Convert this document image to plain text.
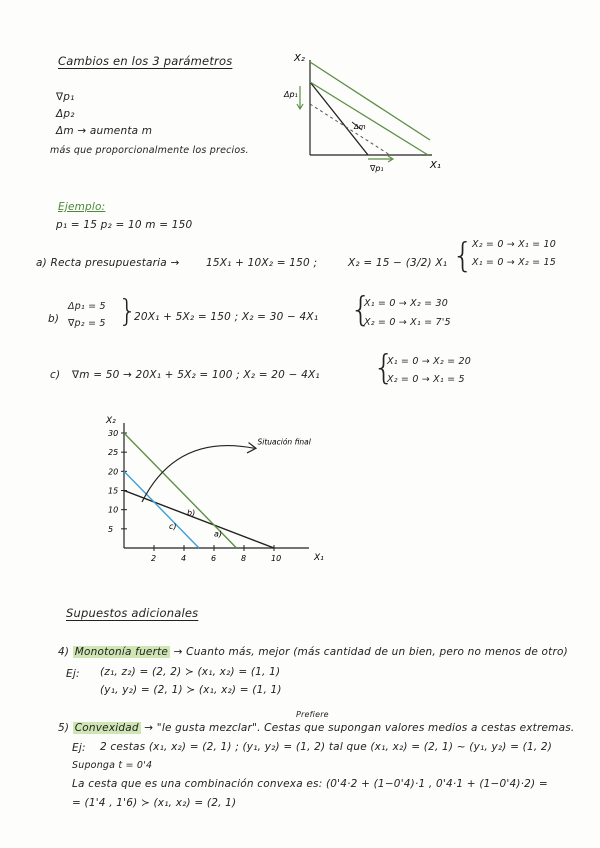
Cambios en los 3 parámetros
∇p₁
Δp₂
Δm → aumenta m
más que proporcionalmente los precios.
X₂
X₁
Δp₁
Δm
∇p₁
Ejemplo:
p₁ = 15 p₂ = 10 m = 150
a) Recta presupuestaria →	15X₁ + 10X₂ = 150 ;	X₂ = 15 − (3/2) X₁ {
X₂ = 0 → X₁ = 10
X₁ = 0 → X₂ = 15
b)
Δp₁ = 5
∇p₂ = 5 }
20X₁ + 5X₂ = 150 ; X₂ = 30 − 4X₁ {
X₁ = 0 → X₂ = 30
X₂ = 0 → X₁ = 7'5
c) ∇m = 50 → 20X₁ + 5X₂ = 100 ; X₂ = 20 − 4X₁ {
X₁ = 0 → X₂ = 20
X₂ = 0 → X₁ = 5
X₂
X₁
5
10
15
20
25
30
2	4	6	8	10
a)
b)
c)
Situación final
Supuestos adicionales
4) Monotonía fuerte → Cuanto más, mejor (más cantidad de un bien, pero no menos de otro)
Ej: (z₁, z₂) = (2, 2) ≻ (x₁, x₂) = (1, 1)
(y₁, y₂) = (2, 1) ≻ (x₁, x₂) = (1, 1)
Prefiere
5) Convexidad → "le gusta mezclar". Cestas que supongan valores medios a cestas extremas.
Ej: 2 cestas (x₁, x₂) = (2, 1) ; (y₁, y₂) = (1, 2) tal que (x₁, x₂) = (2, 1) ~ (y₁, y₂) = (1, 2)
Suponga t = 0'4
La cesta que es una combinación convexa es: (0'4·2 + (1−0'4)·1 , 0'4·1 + (1−0'4)·2) =
= (1'4 , 1'6) ≻ (x₁, x₂) = (2, 1)
